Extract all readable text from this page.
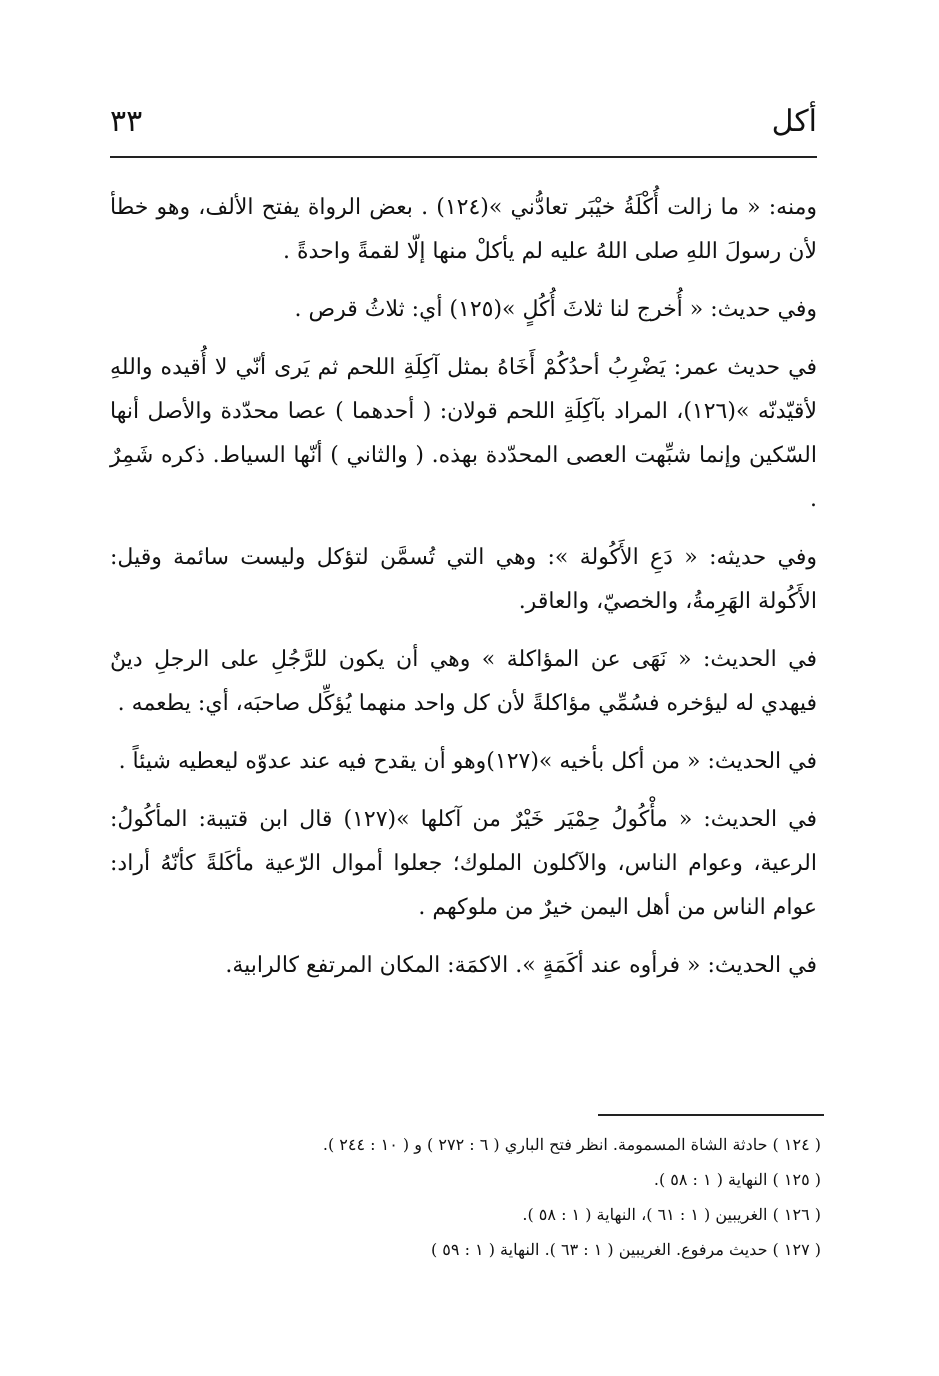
أكل
٣٣

ومنه: « ما زالت أُكْلَةُ خيْبَر تعادُّني »(١٢٤) . بعض الرواة يفتح الألف، وهو خطأ لأن رسولَ اللهِ صلى اللهُ عليه لم يأكلْ منها إلّا لقمةً واحدةً .

وفي حديث: « أُخرج لنا ثلاثَ أُكُلٍ »(١٢٥) أي: ثلاثُ قرص .

في حديث عمر: يَضْرِبُ أحدُكُمْ أَخَاهُ بمثل آكِلَةِ اللحم ثم يَرى أنّي لا أُقيده واللهِ لأقيّدنّه »(١٢٦)، المراد بآكِلَةِ اللحم قولان: ( أحدهما ) عصا محدّدة والأصل أنها السّكين وإنما شبِّهت العصى المحدّدة بهذه. ( والثاني ) أنّها السياط. ذكره شَمِرٌ .

وفي حديثه: « دَعِ الأَكُولة »: وهي التي تُسمَّن لتؤكل وليست سائمة وقيل: الأَكُولة الهَرِمةُ، والخصيّ، والعاقر.

في الحديث: « نَهَى عن المؤاكلة » وهي أن يكون للرَّجُلِ على الرجلِ دينٌ فيهدي له ليؤخره فسُمِّي مؤاكلةً لأن كل واحد منهما يُؤكِّل صاحبَه، أي: يطعمه .

في الحديث: « من أكل بأخيه »(١٢٧)وهو أن يقدح فيه عند عدوّه ليعطيه شيئاً .

في الحديث: « مأْكُولُ حِمْيَر خَيْرٌ من آكلها »(١٢٧) قال ابن قتيبة: المأكُولُ: الرعية، وعوام الناس، والآكلون الملوك؛ جعلوا أموال الرّعية مأكَلةً كأنّهُ أراد: عوام الناس من أهل اليمن خيرٌ من ملوكهم .

في الحديث: « فرأوه عند أكَمَةٍ ». الاكمَة: المكان المرتفع كالرابية.

( ١٢٤ ) حادثة الشاة المسمومة. انظر فتح الباري ( ٦ : ٢٧٢ ) و ( ١٠ : ٢٤٤ ).

( ١٢٥ ) النهاية ( ١ : ٥٨ ).

( ١٢٦ ) الغريبين ( ١ : ٦١ )، النهاية ( ١ : ٥٨ ).

( ١٢٧ ) حديث مرفوع. الغريبين ( ١ : ٦٣ ). النهاية ( ١ : ٥٩ )
